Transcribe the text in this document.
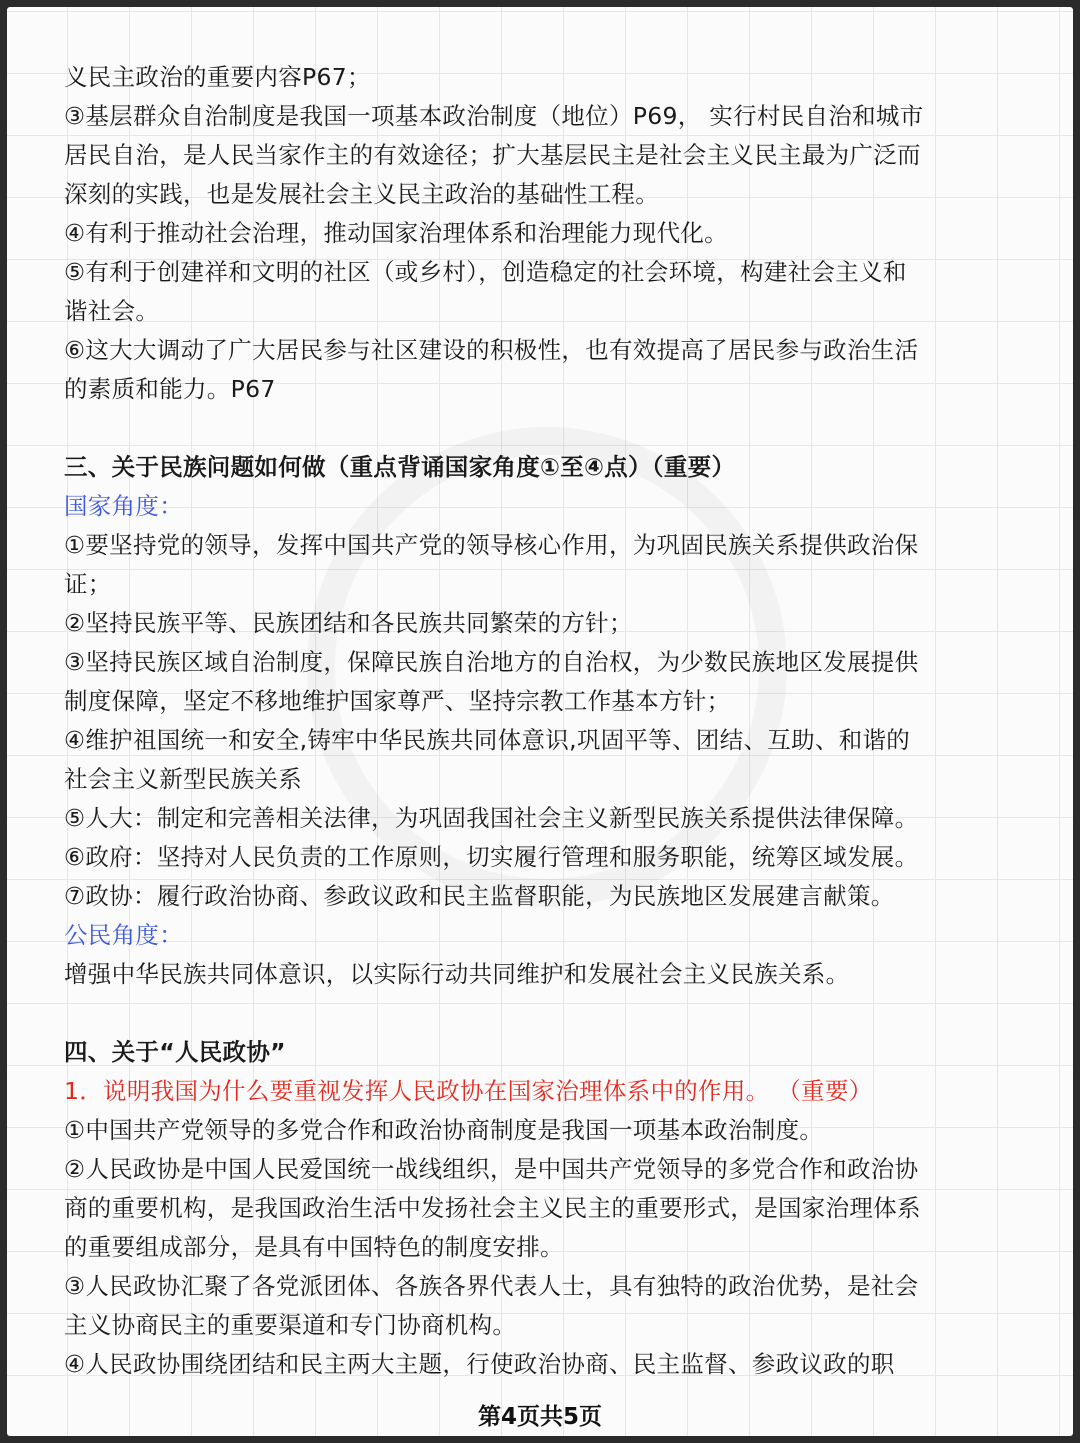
义民主政治的重要内容P67；
③基层群众自治制度是我国一项基本政治制度（地位）P69， 实行村民自治和城市
居民自治，是人民当家作主的有效途径；扩大基层民主是社会主义民主最为广泛而
深刻的实践，也是发展社会主义民主政治的基础性工程。
④有利于推动社会治理，推动国家治理体系和治理能力现代化。
⑤有利于创建祥和文明的社区（或乡村），创造稳定的社会环境，构建社会主义和
谐社会。
⑥这大大调动了广大居民参与社区建设的积极性，也有效提高了居民参与政治生活
的素质和能力。P67
三、关于民族问题如何做（重点背诵国家角度①至④点）（重要）
国家角度：
①要坚持党的领导，发挥中国共产党的领导核心作用，为巩固民族关系提供政治保
证；
②坚持民族平等、民族团结和各民族共同繁荣的方针；
③坚持民族区域自治制度，保障民族自治地方的自治权，为少数民族地区发展提供
制度保障，坚定不移地维护国家尊严、坚持宗教工作基本方针；
④维护祖国统一和安全,铸牢中华民族共同体意识,巩固平等、团结、互助、和谐的
社会主义新型民族关系
⑤人大：制定和完善相关法律，为巩固我国社会主义新型民族关系提供法律保障。
⑥政府：坚持对人民负责的工作原则，切实履行管理和服务职能，统筹区域发展。
⑦政协：履行政治协商、参政议政和民主监督职能，为民族地区发展建言献策。
公民角度：
增强中华民族共同体意识，以实际行动共同维护和发展社会主义民族关系。
四、关于“人民政协”
1．说明我国为什么要重视发挥人民政协在国家治理体系中的作用。 （重要）
①中国共产党领导的多党合作和政治协商制度是我国一项基本政治制度。
②人民政协是中国人民爱国统一战线组织，是中国共产党领导的多党合作和政治协
商的重要机构，是我国政治生活中发扬社会主义民主的重要形式，是国家治理体系
的重要组成部分，是具有中国特色的制度安排。
③人民政协汇聚了各党派团体、各族各界代表人士，具有独特的政治优势，是社会
主义协商民主的重要渠道和专门协商机构。
④人民政协围绕团结和民主两大主题，行使政治协商、民主监督、参政议政的职
第4页共5页
